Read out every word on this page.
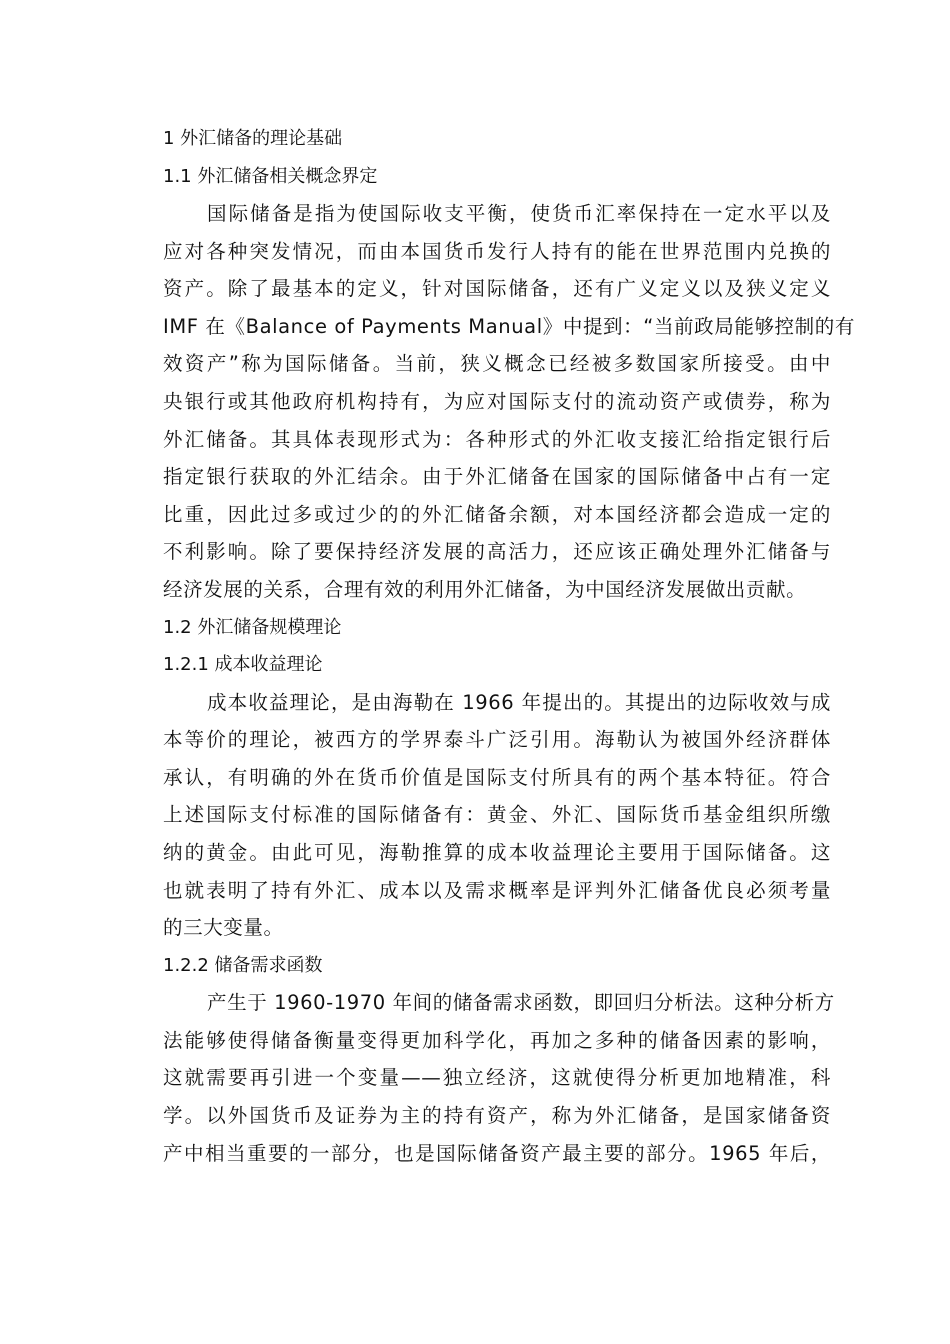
1 外汇储备的理论基础
1.1 外汇储备相关概念界定
国际储备是指为使国际收支平衡，使货币汇率保持在一定水平以及
应对各种突发情况，而由本国货币发行人持有的能在世界范围内兑换的
资产。除了最基本的定义，针对国际储备，还有广义定义以及狭义定义
IMF 在《Balance of Payments Manual》中提到：“当前政局能够控制的有
效资产”称为国际储备。当前，狭义概念已经被多数国家所接受。由中
央银行或其他政府机构持有，为应对国际支付的流动资产或债券，称为
外汇储备。其具体表现形式为：各种形式的外汇收支接汇给指定银行后
指定银行获取的外汇结余。由于外汇储备在国家的国际储备中占有一定
比重，因此过多或过少的的外汇储备余额，对本国经济都会造成一定的
不利影响。除了要保持经济发展的高活力，还应该正确处理外汇储备与
经济发展的关系，合理有效的利用外汇储备，为中国经济发展做出贡献。
1.2 外汇储备规模理论
1.2.1 成本收益理论
成本收益理论，是由海勒在 1966 年提出的。其提出的边际收效与成
本等价的理论，被西方的学界泰斗广泛引用。海勒认为被国外经济群体
承认，有明确的外在货币价值是国际支付所具有的两个基本特征。符合
上述国际支付标准的国际储备有：黄金、外汇、国际货币基金组织所缴
纳的黄金。由此可见，海勒推算的成本收益理论主要用于国际储备。这
也就表明了持有外汇、成本以及需求概率是评判外汇储备优良必须考量
的三大变量。
1.2.2 储备需求函数
产生于 1960-1970 年间的储备需求函数，即回归分析法。这种分析方
法能够使得储备衡量变得更加科学化，再加之多种的储备因素的影响，
这就需要再引进一个变量——独立经济，这就使得分析更加地精准，科
学。以外国货币及证券为主的持有资产，称为外汇储备，是国家储备资
产中相当重要的一部分，也是国际储备资产最主要的部分。1965 年后，
